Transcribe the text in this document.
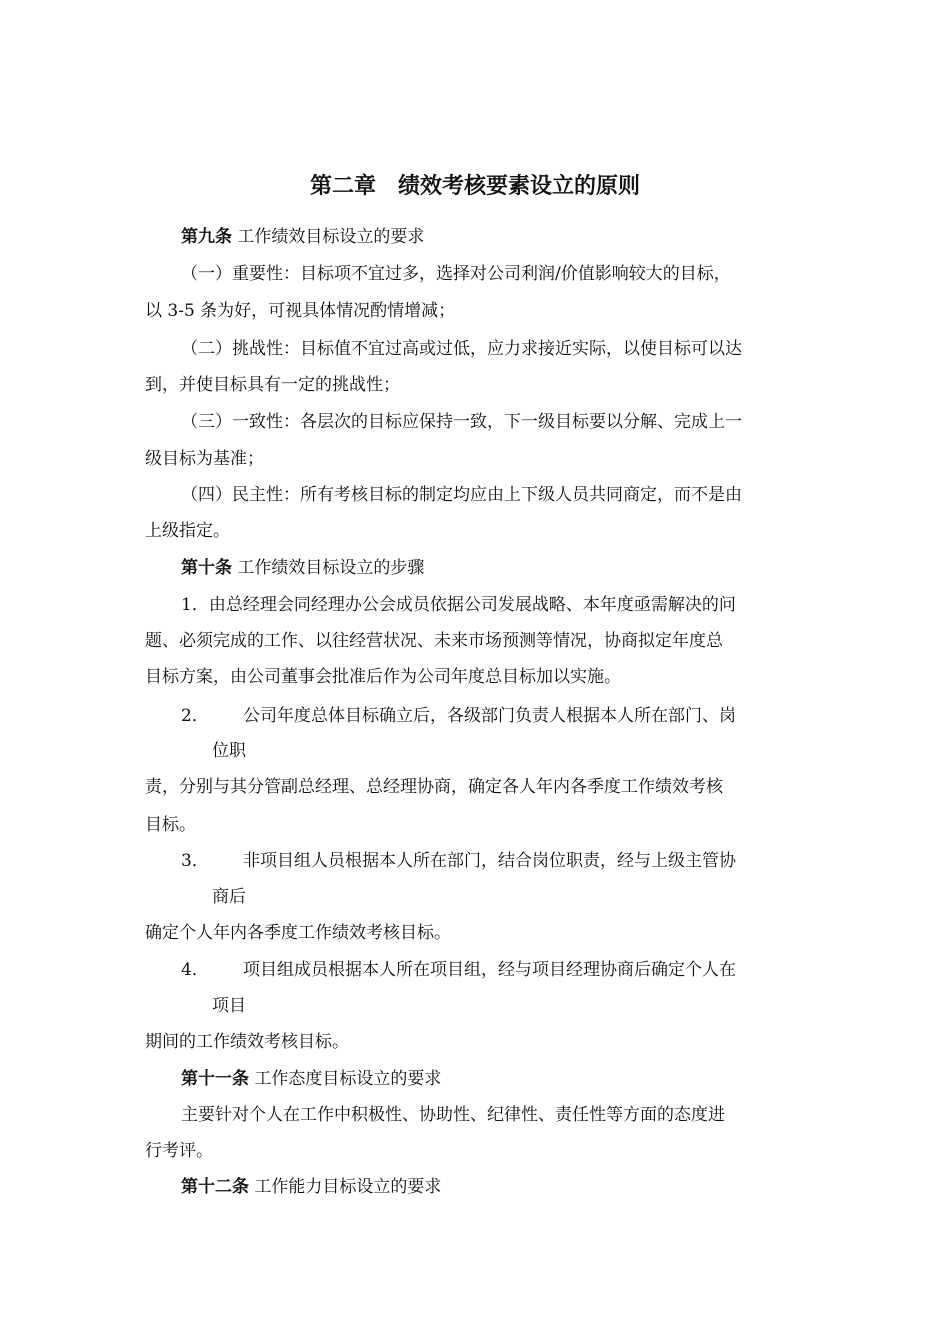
第二章　绩效考核要素设立的原则

第九条 工作绩效目标设立的要求

（一）重要性：目标项不宜过多，选择对公司利润/价值影响较大的目标，

以 3-5 条为好，可视具体情况酌情增减；

（二）挑战性：目标值不宜过高或过低，应力求接近实际，以使目标可以达

到，并使目标具有一定的挑战性；

（三）一致性：各层次的目标应保持一致，下一级目标要以分解、完成上一

级目标为基准；

（四）民主性：所有考核目标的制定均应由上下级人员共同商定，而不是由

上级指定。

第十条 工作绩效目标设立的步骤

1．由总经理会同经理办公会成员依据公司发展战略、本年度亟需解决的问

题、必须完成的工作、以往经营状况、未来市场预测等情况，协商拟定年度总

目标方案，由公司董事会批准后作为公司年度总目标加以实施。

2． 公司年度总体目标确立后，各级部门负责人根据本人所在部门、岗

位职

责，分别与其分管副总经理、总经理协商，确定各人年内各季度工作绩效考核

目标。

3． 非项目组人员根据本人所在部门，结合岗位职责，经与上级主管协

商后

确定个人年内各季度工作绩效考核目标。

4． 项目组成员根据本人所在项目组，经与项目经理协商后确定个人在

项目

期间的工作绩效考核目标。

第十一条 工作态度目标设立的要求

主要针对个人在工作中积极性、协助性、纪律性、责任性等方面的态度进

行考评。

第十二条 工作能力目标设立的要求
